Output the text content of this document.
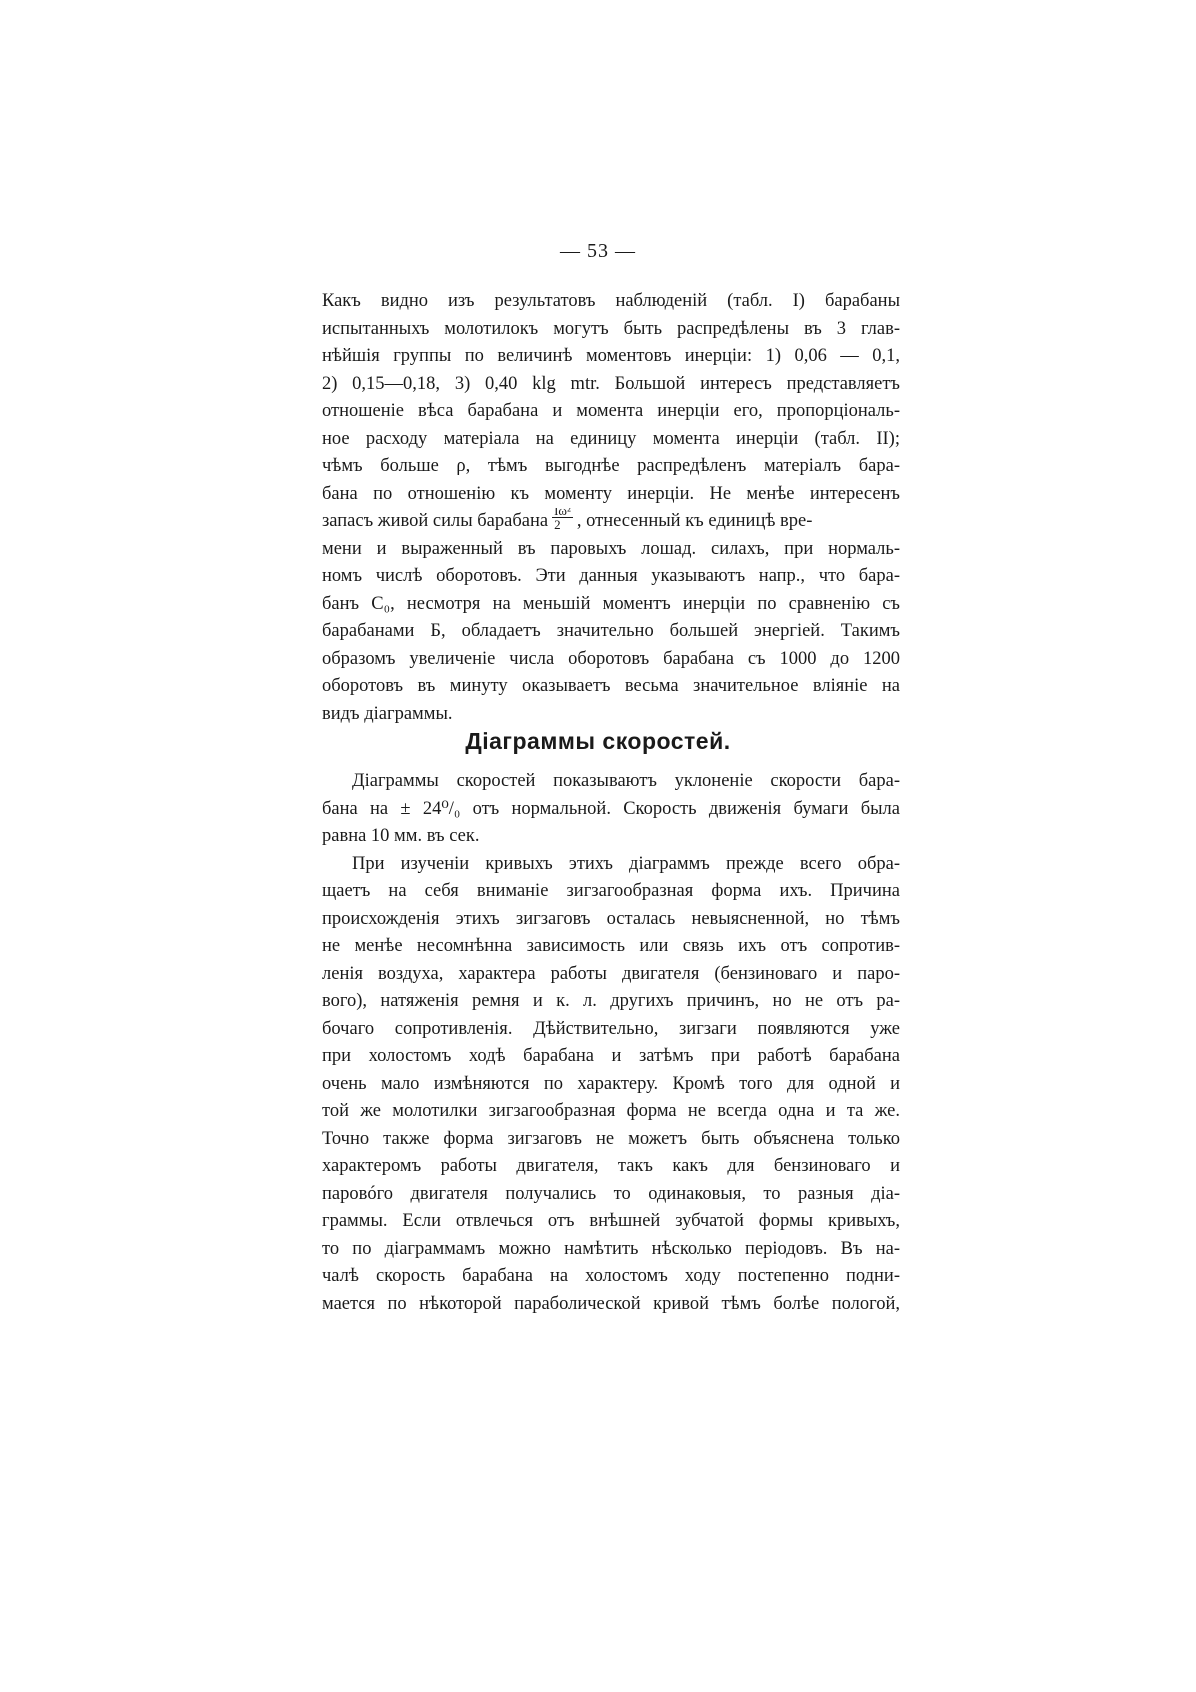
— 53 —
Какъ видно изъ результатовъ наблюденій (табл. I) барабаны
испытанныхъ молотилокъ могутъ быть распредѣлены въ 3 глав-
нѣйшія группы по величинѣ моментовъ инерціи: 1) 0,06 — 0,1,
2) 0,15—0,18, 3) 0,40 klg mtr. Большой интересъ представляетъ
отношеніе вѣса барабана и момента инерціи его, пропорціональ-
ное расходу матеріала на единицу момента инерціи (табл. II);
чѣмъ больше ρ, тѣмъ выгоднѣе распредѣленъ матеріалъ бара-
бана по отношенію къ моменту инерціи. Не менѣе интересенъ
запасъ живой силы барабана $\frac{\text{Iω²}}{2}$ , отнесенный къ единицѣ вре-
мени и выраженный въ паровыхъ лошад. силахъ, при нормаль-
номъ числѣ оборотовъ. Эти данныя указываютъ напр., что бара-
банъ C₀, несмотря на меньшій моментъ инерціи по сравненію съ
барабанами Б, обладаетъ значительно большей энергіей. Такимъ
образомъ увеличеніе числа оборотовъ барабана съ 1000 до 1200
оборотовъ въ минуту оказываетъ весьма значительное вліяніе на
видъ діаграммы.
Діаграммы скоростей.
Діаграммы скоростей показываютъ уклоненіе скорости бара-
бана на ± 24⁰/₀ отъ нормальной. Скорость движенія бумаги была
равна 10 мм. въ сек.
При изученіи кривыхъ этихъ діаграммъ прежде всего обра-
щаетъ на себя вниманіе зигзагообразная форма ихъ. Причина
происхожденія этихъ зигзаговъ осталась невыясненной, но тѣмъ
не менѣе несомнѣнна зависимость или связь ихъ отъ сопротив-
ленія воздуха, характера работы двигателя (бензиноваго и паро-
вого), натяженія ремня и к. л. другихъ причинъ, но не отъ ра-
бочаго сопротивленія. Дѣйствительно, зигзаги появляются уже
при холостомъ ходѣ барабана и затѣмъ при работѣ барабана
очень мало измѣняются по характеру. Кромѣ того для одной и
той же молотилки зигзагообразная форма не всегда одна и та же.
Точно также форма зигзаговъ не можетъ быть объяснена только
характеромъ работы двигателя, такъ какъ для бензиноваго и
паровóго двигателя получались то одинаковыя, то разныя діа-
граммы. Если отвлечься отъ внѣшней зубчатой формы кривыхъ,
то по діаграммамъ можно намѣтить нѣсколько періодовъ. Въ на-
чалѣ скорость барабана на холостомъ ходу постепенно подни-
мается по нѣкоторой параболической кривой тѣмъ болѣе пологой,
